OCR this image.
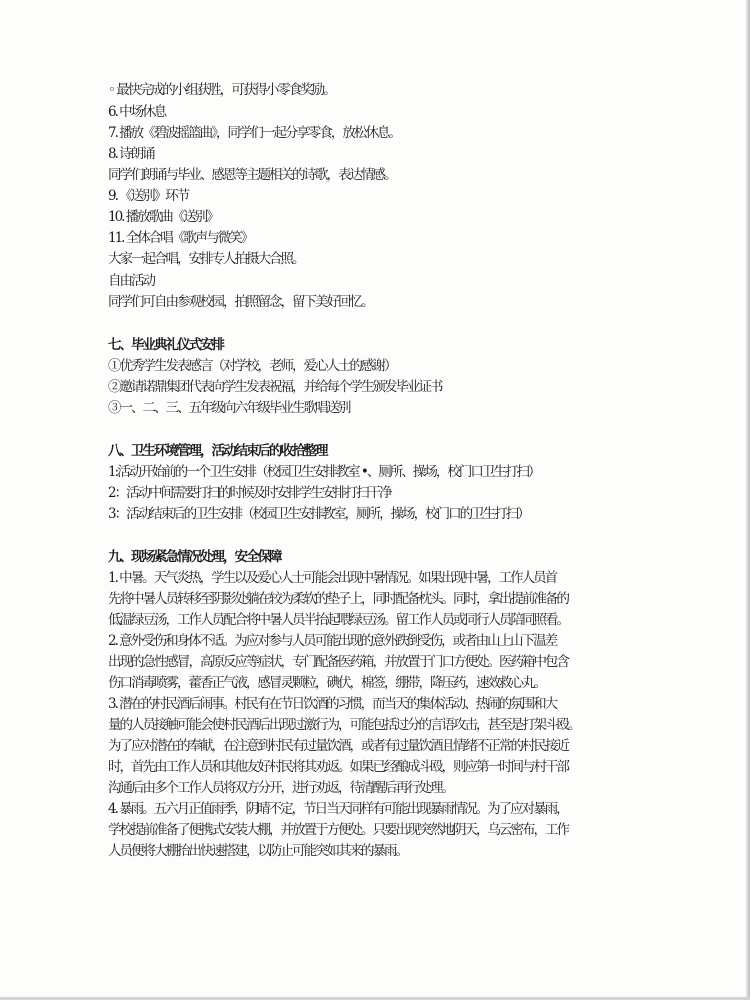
◦ 最快完成的小组获胜，可获得小零食奖励。
6. 中场休息
7. 播放《碧波摇篮曲》，同学们一起分享零食，放松休息。
8. 诗朗诵
同学们朗诵与毕业、感恩等主题相关的诗歌，表达情感。
9. 《送别》环节
10. 播放歌曲《送别》
11. 全体合唱《歌声与微笑》
大家一起合唱，安排专人拍摄大合照。
自由活动
同学们可自由参观校园，拍照留念，留下美好回忆。
七、毕业典礼仪式安排
①优秀学生发表感言（对学校，老师，爱心人士的感谢）
②邀请诺鼎集团代表向学生发表祝福，并给每个学生颁发毕业证书
③一、二、三、五年级向六年级毕业生歌唱送别
八、卫生环境管理，活动结束后的收拾整理
1:活动开始前的一个卫生安排（校园卫生安排教室 •、厕所、操场，校门口卫生打扫）
2：活动中间需要打扫的时候及时安排学生安排打扫干净
3：活动结束后的卫生安排（校园卫生安排教室，厕所，操场，校门口的卫生打扫）
九、现场紧急情况处理，安全保障
1. 中暑。天气炎热，学生以及爱心人士可能会出现中暑情况。如果出现中暑，工作人员首
先将中暑人员转移至阴影处躺在较为柔软的垫子上，同时配备枕头。同时，拿出提前准备的
低温绿豆汤，工作人员配合将中暑人员半抬起喂绿豆汤。留工作人员或同行人员陪同照看。
2. 意外受伤和身体不适。为应对参与人员可能出现的意外跌倒受伤，或者由山上山下温差
出现的急性感冒，高原反应等症状，专门配备医药箱，并放置于门口方便处。医药箱中包含
伤口消毒喷雾，藿香正气液，感冒灵颗粒，碘伏，棉签，绷带，降压药，速效救心丸。
3. 潜在的村民酒后闹事。村民有在节日饮酒的习惯，而当天的集体活动、热闹的氛围和大
量的人员接触可能会使村民酒后出现过激行为，可能包括过分的言语攻击，甚至是打架斗殴。
为了应对潜在的奉献，在注意到村民有过量饮酒，或者有过量饮酒且情绪不正常的村民接近
时，首先由工作人员和其他友好村民将其劝返。如果已经酿成斗殴，则应第一时间与村干部
沟通后由多个工作人员将双方分开，进行劝返，待清醒后再行处理。
4. 暴雨。五六月正值雨季，阴晴不定，节日当天同样有可能出现暴雨情况。为了应对暴雨，
学校提前准备了便携式安装大棚，并放置于方便处。只要出现突然地阴天，乌云密布，工作
人员便将大棚抬出快速搭建，以防止可能突如其来的暴雨。
